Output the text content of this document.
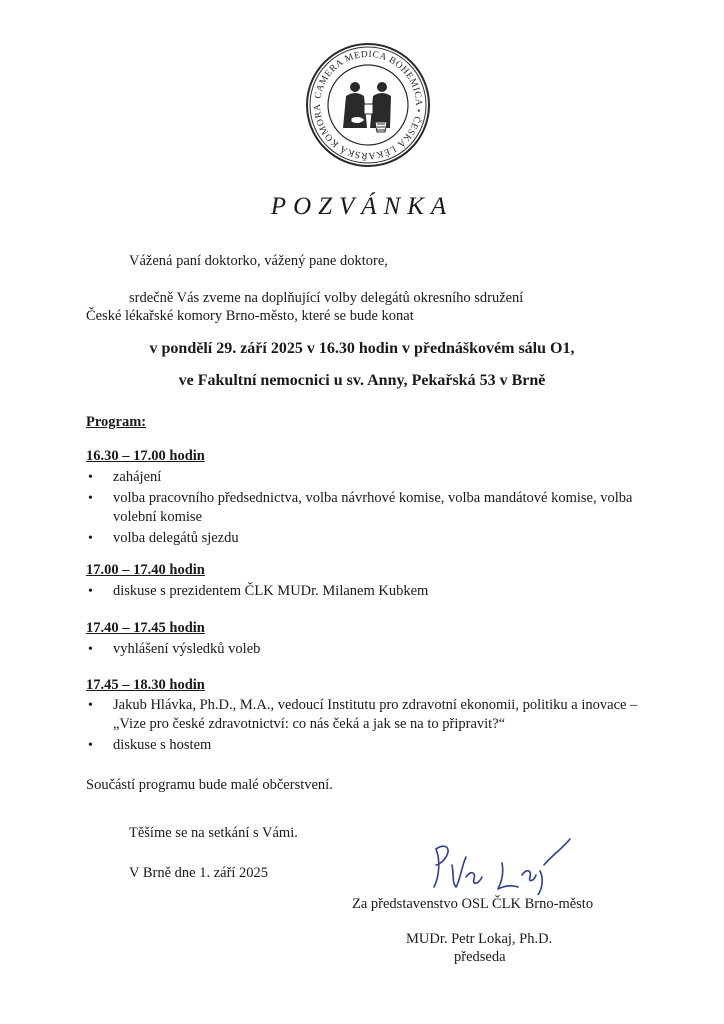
CAMERA MEDICA BOHEMICA • ČESKÁ LÉKAŘSKÁ KOMORA
POZVÁNKA
Vážená paní doktorko, vážený pane doktore,
srdečně Vás zveme na doplňující volby delegátů okresního sdružení
České lékařské komory Brno-město, které se bude konat
v pondělí 29. září 2025 v 16.30 hodin v přednáškovém sálu O1,
ve Fakultní nemocnici u sv. Anny, Pekařská 53 v Brně
Program:
16.30 – 17.00 hodin
• zahájení
• volba pracovního předsednictva, volba návrhové komise, volba mandátové komise, volba volební komise
• volba delegátů sjezdu
17.00 – 17.40 hodin
• diskuse s prezidentem ČLK MUDr. Milanem Kubkem
17.40 – 17.45 hodin
• vyhlášení výsledků voleb
17.45 – 18.30 hodin
• Jakub Hlávka, Ph.D., M.A., vedoucí Institutu pro zdravotní ekonomii, politiku a inovace – „Vize pro české zdravotnictví: co nás čeká a jak se na to připravit?“
• diskuse s hostem
Součástí programu bude malé občerstvení.
Těšíme se na setkání s Vámi.
V Brně dne 1. září 2025
Za představenstvo OSL ČLK Brno-město
MUDr. Petr Lokaj, Ph.D.
předseda
